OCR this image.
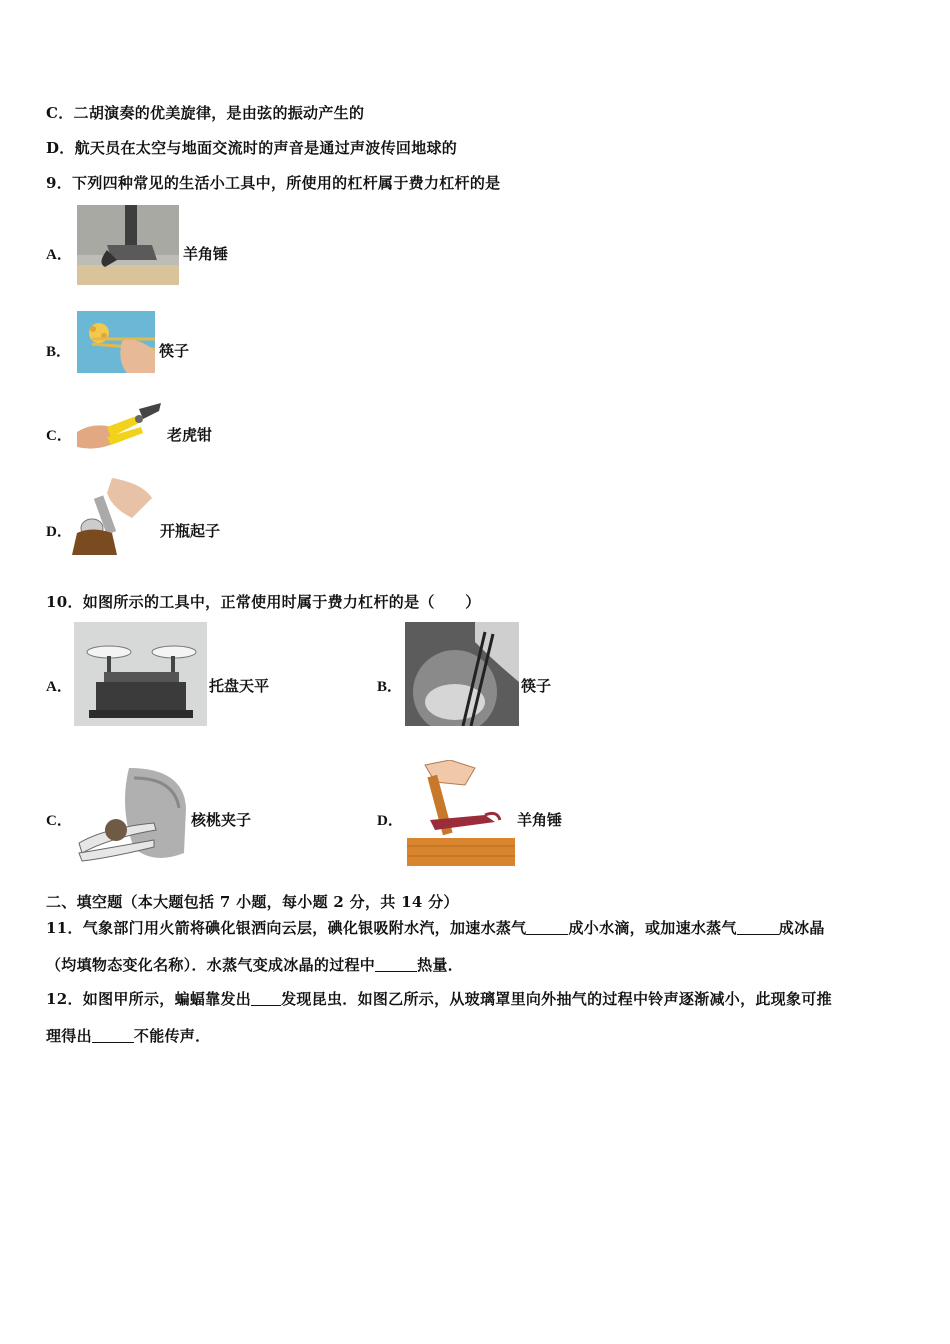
C．二胡演奏的优美旋律，是由弦的振动产生的
D．航天员在太空与地面交流时的声音是通过声波传回地球的
9．下列四种常见的生活小工具中，所使用的杠杆属于费力杠杆的是
A．	羊角锤
B．	筷子
C．	老虎钳
D．	开瓶起子
10．如图所示的工具中，正常使用时属于费力杠杆的是（　　）
A．	托盘天平	B．	筷子
C．	核桃夹子	D．	羊角锤
二、填空题（本大题包括 7 小题，每小题 2 分，共 14 分）
11．气象部门用火箭将碘化银洒向云层，碘化银吸附水汽，加速水蒸气	成小水滴，或加速水蒸气	成冰晶
（均填物态变化名称）．水蒸气变成冰晶的过程中	热量．
12．如图甲所示，蝙蝠靠发出 发现昆虫．如图乙所示，从玻璃罩里向外抽气的过程中铃声逐渐减小，此现象可推
理得出	不能传声．
